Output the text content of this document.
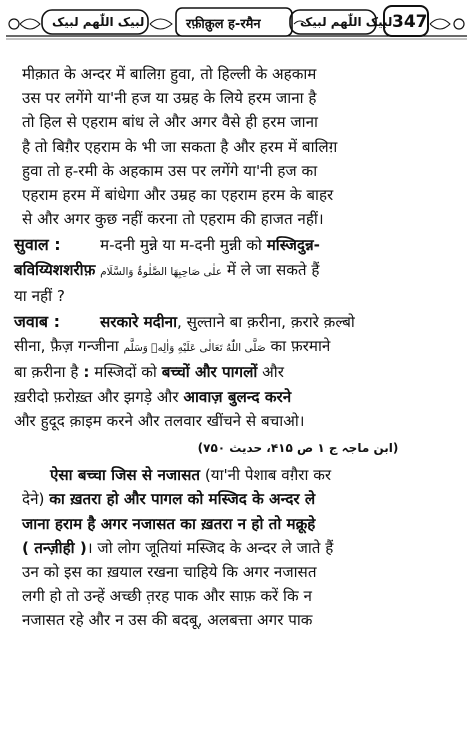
لبیک اللّٰھم لبیک	रफ़ीक़ुल ह-रमैन	لبیک اللّٰھم لبیک 347
मीक़ात के अन्दर में बालिग़ हुवा, तो हिल्ली के अहकाम
उस पर लगेंगे या'नी हज या उम्रह के लिये हरम जाना है
तो हिल से एहराम बांध ले और अगर वैसे ही हरम जाना
है तो बिग़ैर एहराम के भी जा सकता है और हरम में बालिग़
हुवा तो ह-रमी के अहकाम उस पर लगेंगे या'नी हज का
एहराम हरम में बांधेगा और उम्रह का एहराम हरम के बाहर
से और अगर कुछ नहीं करना तो एहराम की हाजत नहीं।
सुवाल :	म-दनी मुन्ने या म-दनी मुन्नी को मस्जिदुन्न-
बविय्यिशशरीफ़ علٰی صَاحِبِهَا الصَّلٰوۃُ وَالسَّلَام में ले जा सकते हैं
या नहीं ?
जवाब :	सरकारे मदीना, सुल्ताने बा क़रीना, क़रारे क़ल्बो
सीना, फ़ैज़ गन्जीना صَلَّی اللّٰهُ تَعَالٰی عَلَيْهِ وَاٰلِهٖ وَسَلَّم का फ़रमाने
बा क़रीना है : मस्जिदों को बच्चों और पागलों और
ख़रीदो फ़रोख़्त और झगड़े और आवाज़ बुलन्द करने
और हुदूद क़ाइम करने और तलवार खींचने से बचाओ।
(ابن ماجہ ج ۱ ص ۴۱۵، حدیث ۷۵۰)
ऐसा बच्चा जिस से नजासत (या'नी पेशाब वग़ैरा कर
देने) का ख़तरा हो और पागल को मस्जिद के अन्दर ले
जाना हराम है अगर नजासत का ख़तरा न हो तो मक्रूहे
( तन्ज़ीही )। जो लोग जूतियां मस्जिद के अन्दर ले जाते हैं
उन को इस का ख़याल रखना चाहिये कि अगर नजासत
लगी हो तो उन्हें अच्छी त़रह पाक और साफ़ करें कि न
नजासत रहे और न उस की बदबू, अलबत्ता अगर पाक
